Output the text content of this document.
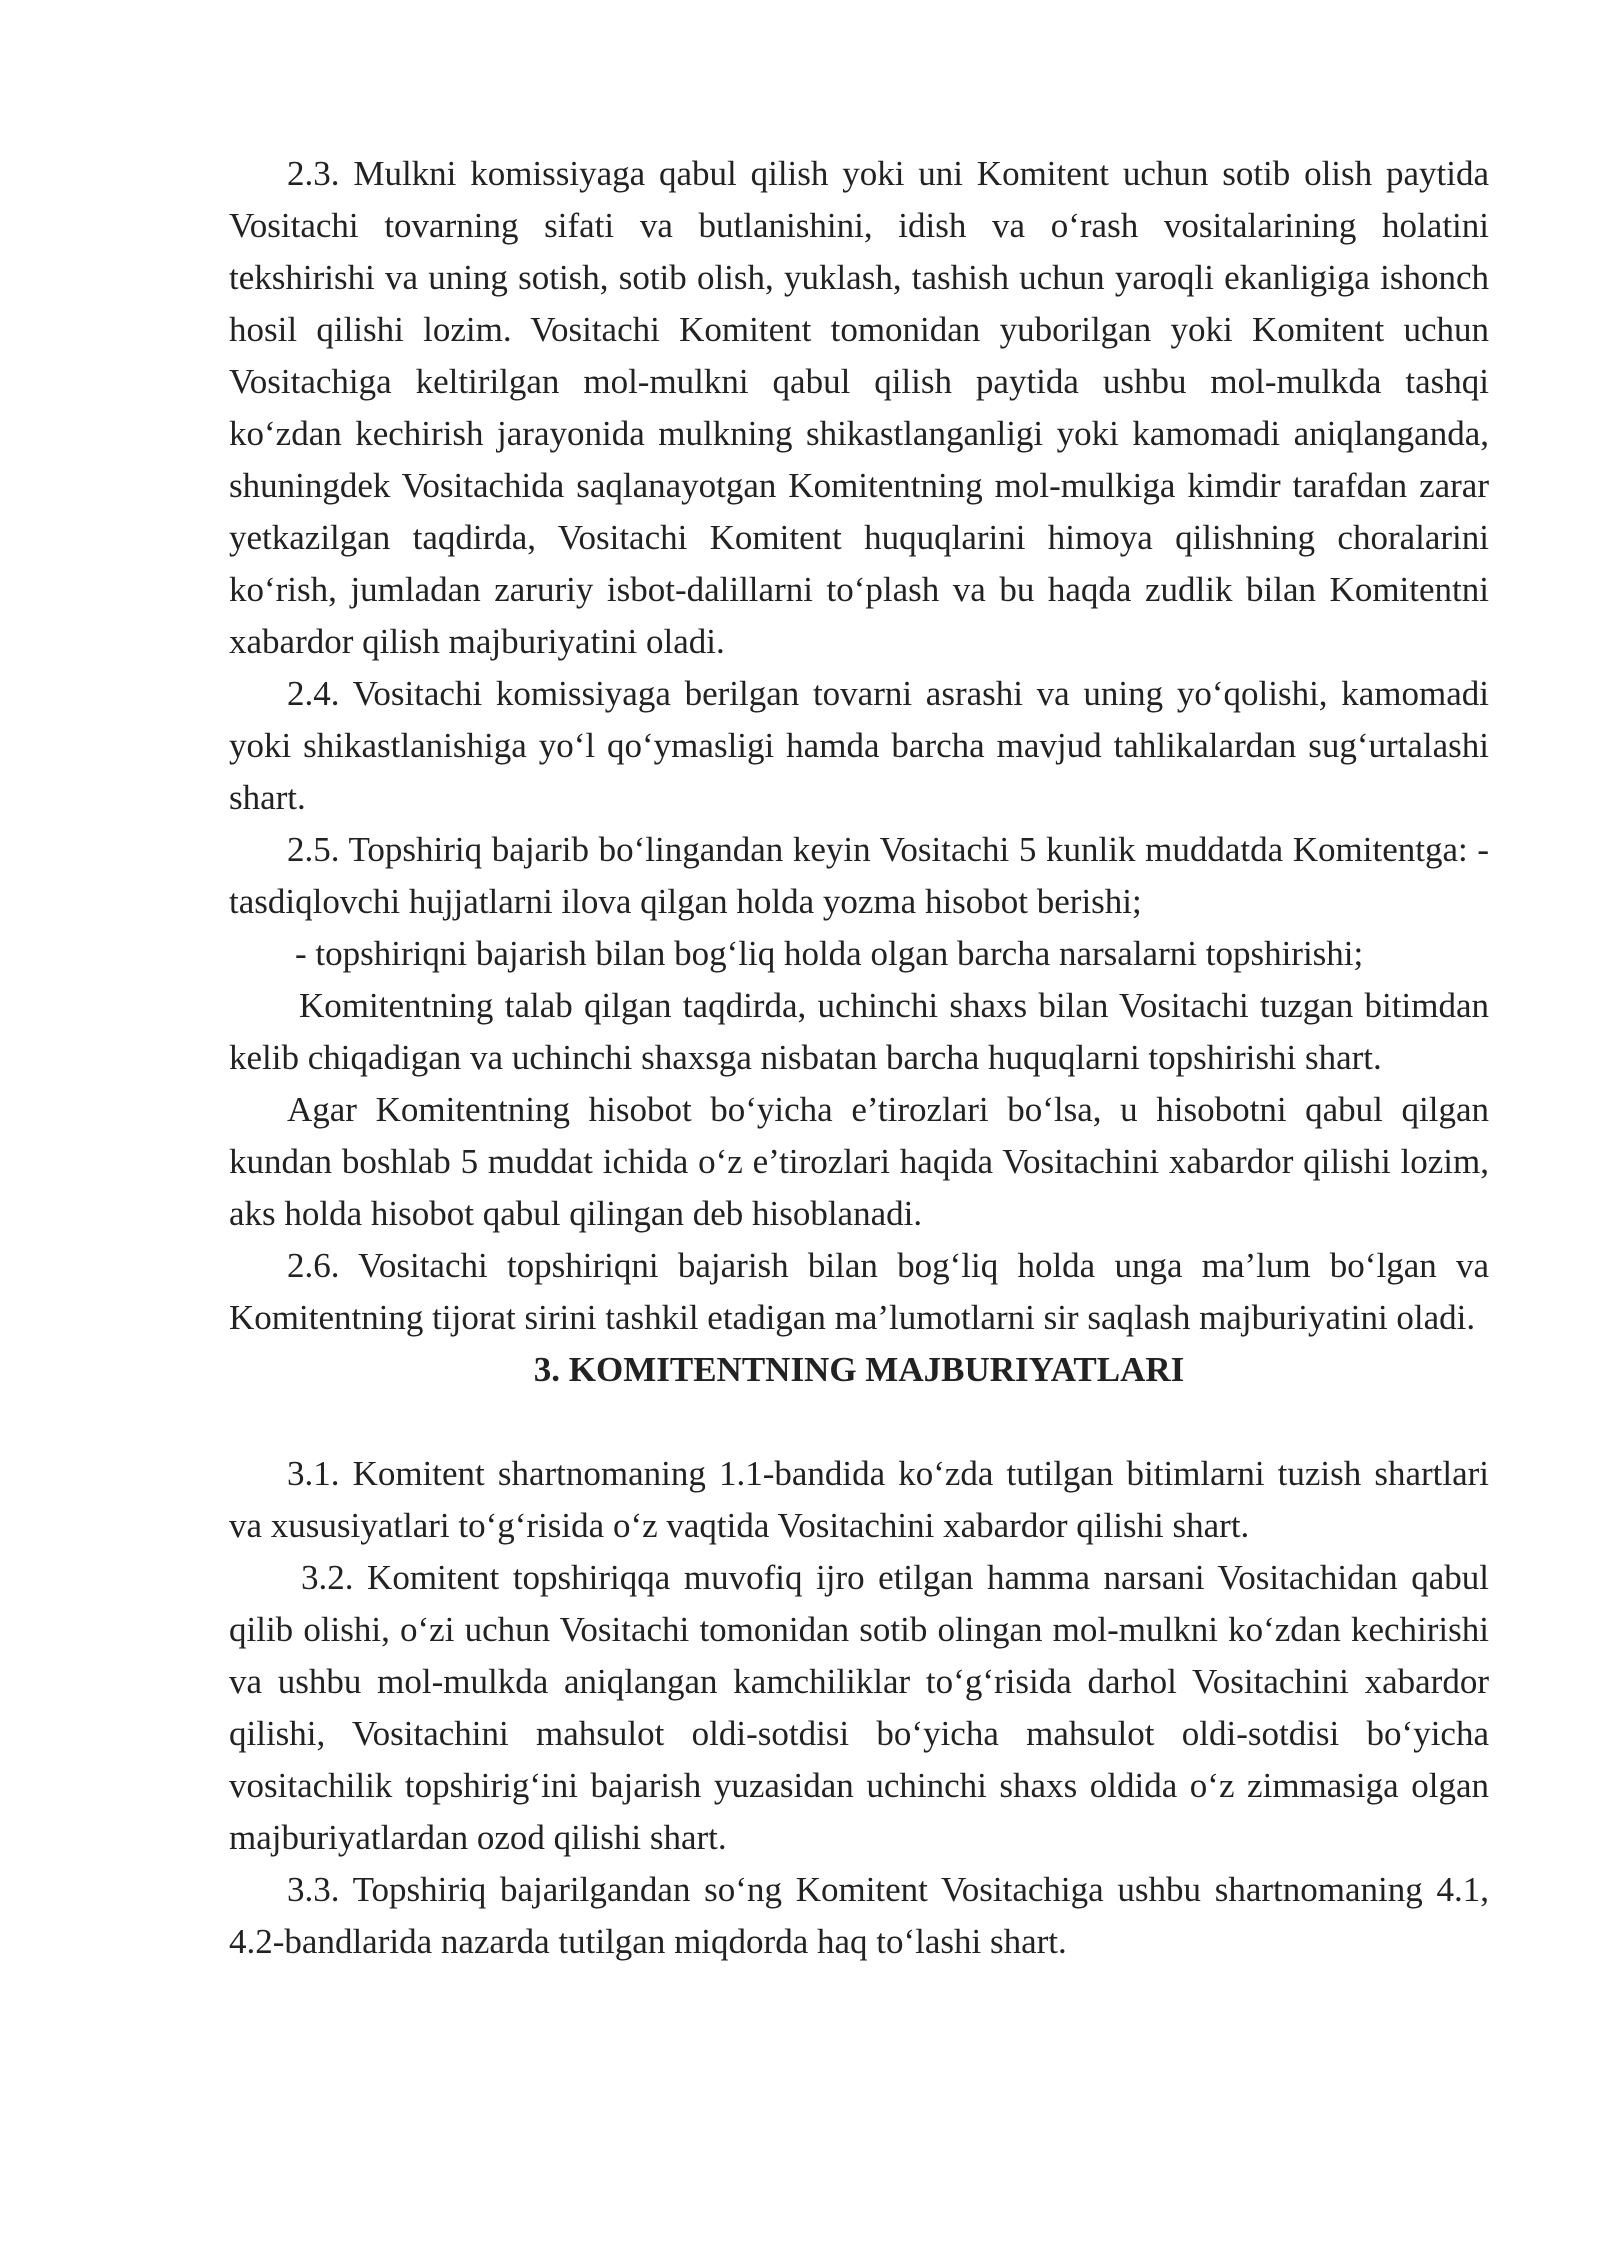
2.3. Mulkni komissiyaga qabul qilish yoki uni Komitent uchun sotib olish paytida Vositachi tovarning sifati va butlanishini, idish va o‘rash vositalarining holatini tekshirishi va uning sotish, sotib olish, yuklash, tashish uchun yaroqli ekanligiga ishonch hosil qilishi lozim. Vositachi Komitent tomonidan yuborilgan yoki Komitent uchun Vositachiga keltirilgan mol-mulkni qabul qilish paytida ushbu mol-mulkda tashqi ko‘zdan kechirish jarayonida mulkning shikastlanganligi yoki kamomadi aniqlanganda, shuningdek Vositachida saqlanayotgan Komitentning mol-mulkiga kimdir tarafdan zarar yetkazilgan taqdirda, Vositachi Komitent huquqlarini himoya qilishning choralarini ko‘rish, jumladan zaruriy isbot-dalillarni to‘plash va bu haqda zudlik bilan Komitentni xabardor qilish majburiyatini oladi.

2.4. Vositachi komissiyaga berilgan tovarni asrashi va uning yo‘qolishi, kamomadi yoki shikastlanishiga yo‘l qo‘ymasligi hamda barcha mavjud tahlikalardan sug‘urtalashi shart.

2.5. Topshiriq bajarib bo‘lingandan keyin Vositachi 5 kunlik muddatda Komitentga: - tasdiqlovchi hujjatlarni ilova qilgan holda yozma hisobot berishi;

- topshiriqni bajarish bilan bog‘liq holda olgan barcha narsalarni topshirishi;

Komitentning talab qilgan taqdirda, uchinchi shaxs bilan Vositachi tuzgan bitimdan kelib chiqadigan va uchinchi shaxsga nisbatan barcha huquqlarni topshirishi shart.

Agar Komitentning hisobot bo‘yicha e’tirozlari bo‘lsa, u hisobotni qabul qilgan kundan boshlab 5 muddat ichida o‘z e’tirozlari haqida Vositachini xabardor qilishi lozim, aks holda hisobot qabul qilingan deb hisoblanadi.

2.6. Vositachi topshiriqni bajarish bilan bog‘liq holda unga ma’lum bo‘lgan va Komitentning tijorat sirini tashkil etadigan ma’lumotlarni sir saqlash majburiyatini oladi.

3. KOMITENTNING MAJBURIYATLARI

3.1. Komitent shartnomaning 1.1-bandida ko‘zda tutilgan bitimlarni tuzish shartlari va xususiyatlari to‘g‘risida o‘z vaqtida Vositachini xabardor qilishi shart.

3.2. Komitent topshiriqqa muvofiq ijro etilgan hamma narsani Vositachidan qabul qilib olishi, o‘zi uchun Vositachi tomonidan sotib olingan mol-mulkni ko‘zdan kechirishi va ushbu mol-mulkda aniqlangan kamchiliklar to‘g‘risida darhol Vositachini xabardor qilishi, Vositachini mahsulot oldi-sotdisi bo‘yicha mahsulot oldi-sotdisi bo‘yicha vositachilik topshirig‘ini bajarish yuzasidan uchinchi shaxs oldida o‘z zimmasiga olgan majburiyatlardan ozod qilishi shart.

3.3. Topshiriq bajarilgandan so‘ng Komitent Vositachiga ushbu shartnomaning 4.1, 4.2-bandlarida nazarda tutilgan miqdorda haq to‘lashi shart.
